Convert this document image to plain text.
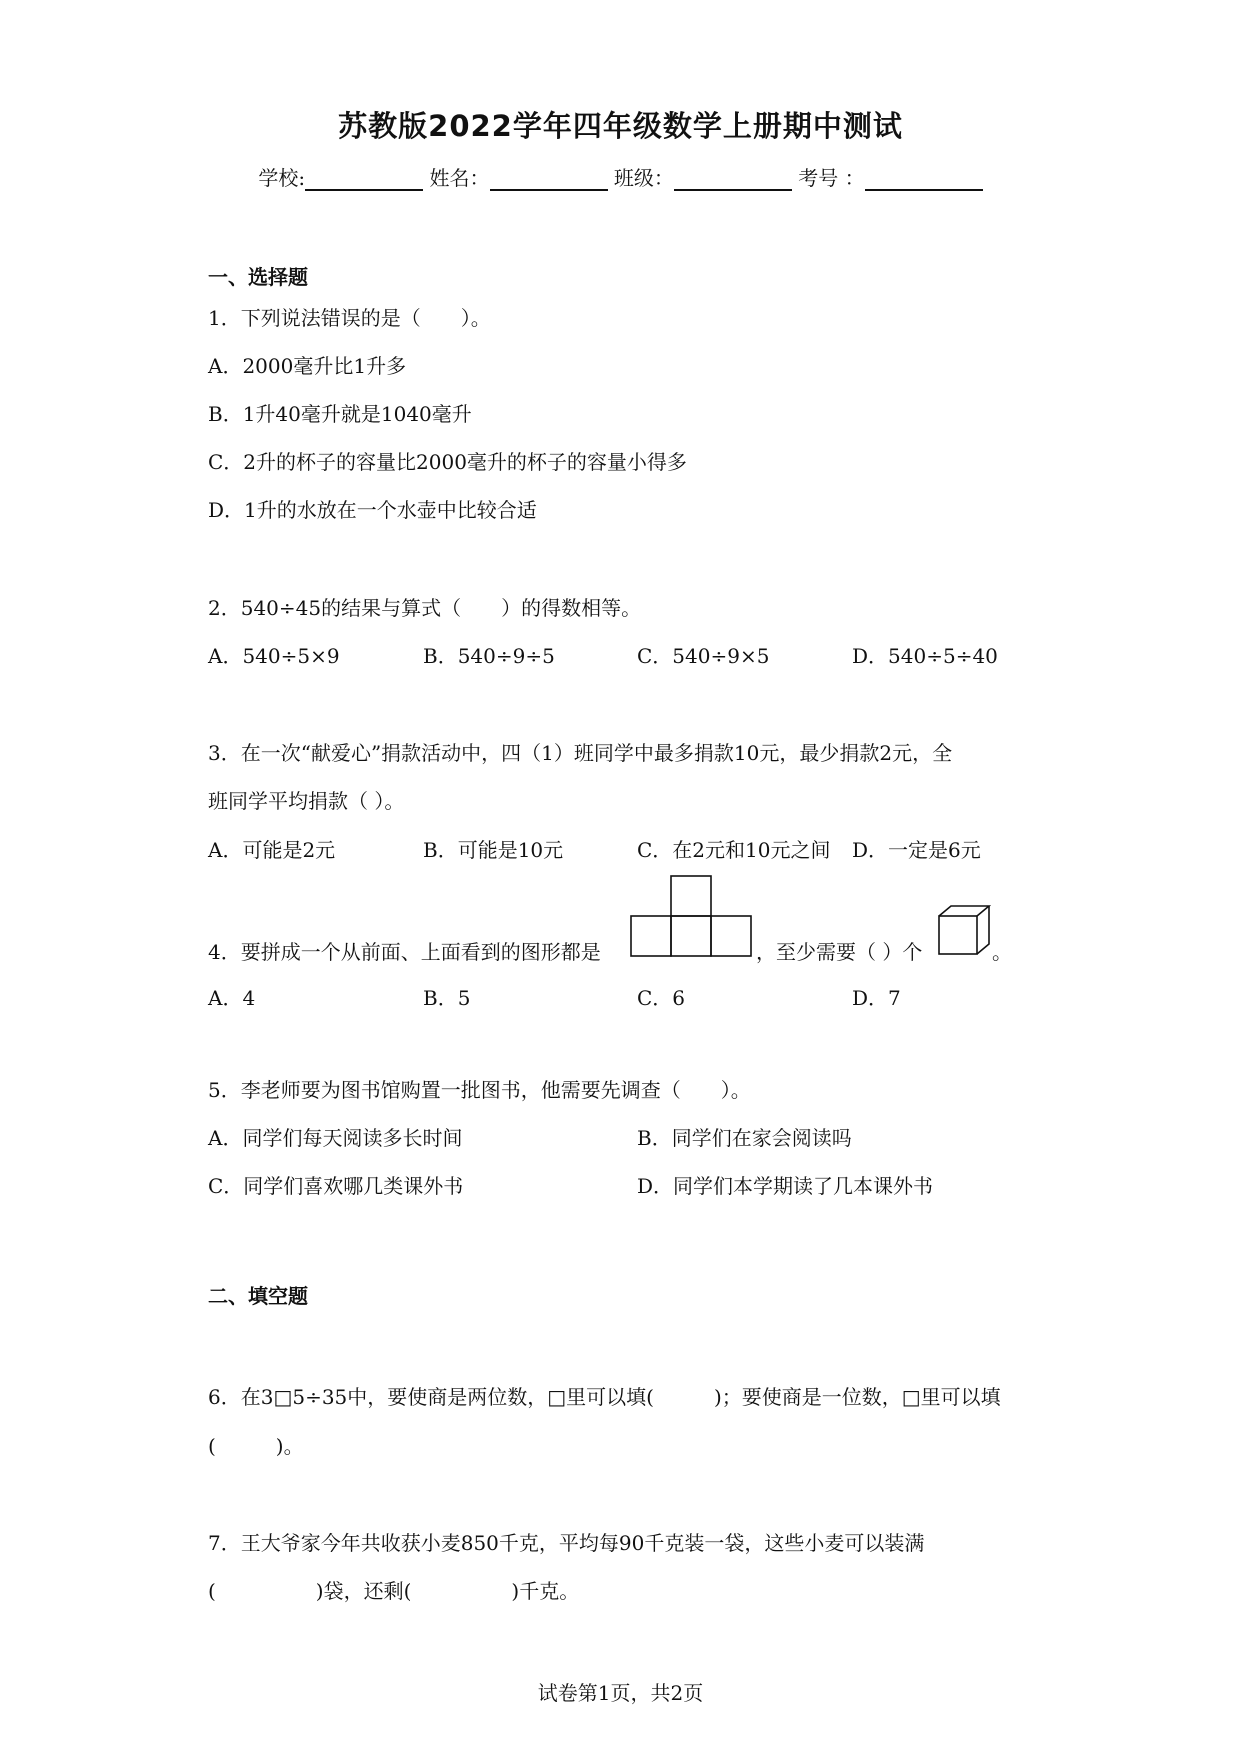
苏教版2022学年四年级数学上册期中测试
学校:	姓名：	班级：	考号 ：
一、选择题
1．下列说法错误的是（　　）。
A．2000毫升比1升多
B．1升40毫升就是1040毫升
C．2升的杯子的容量比2000毫升的杯子的容量小得多
D．1升的水放在一个水壶中比较合适
2．540÷45的结果与算式（　　）的得数相等。
A．540÷5×9	B．540÷9÷5	C．540÷9×5	D．540÷5÷40
3．在一次“献爱心”捐款活动中，四（1）班同学中最多捐款10元，最少捐款2元，全
班同学平均捐款（ ）。
A．可能是2元	B．可能是10元	C．在2元和10元之间 D．一定是6元
4．要拼成一个从前面、上面看到的图形都是	，至少需要（ ）个	。
A．4	B．5	C．6	D．7
5．李老师要为图书馆购置一批图书，他需要先调查（　　）。
A．同学们每天阅读多长时间	B．同学们在家会阅读吗
C．同学们喜欢哪几类课外书	D．同学们本学期读了几本课外书
二、填空题
6．在3□5÷35中，要使商是两位数，□里可以填(　　　)；要使商是一位数，□里可以填
(　　　)。
7．王大爷家今年共收获小麦850千克，平均每90千克装一袋，这些小麦可以装满
(　　　　　)袋，还剩(　　　　　)千克。
试卷第1页，共2页
